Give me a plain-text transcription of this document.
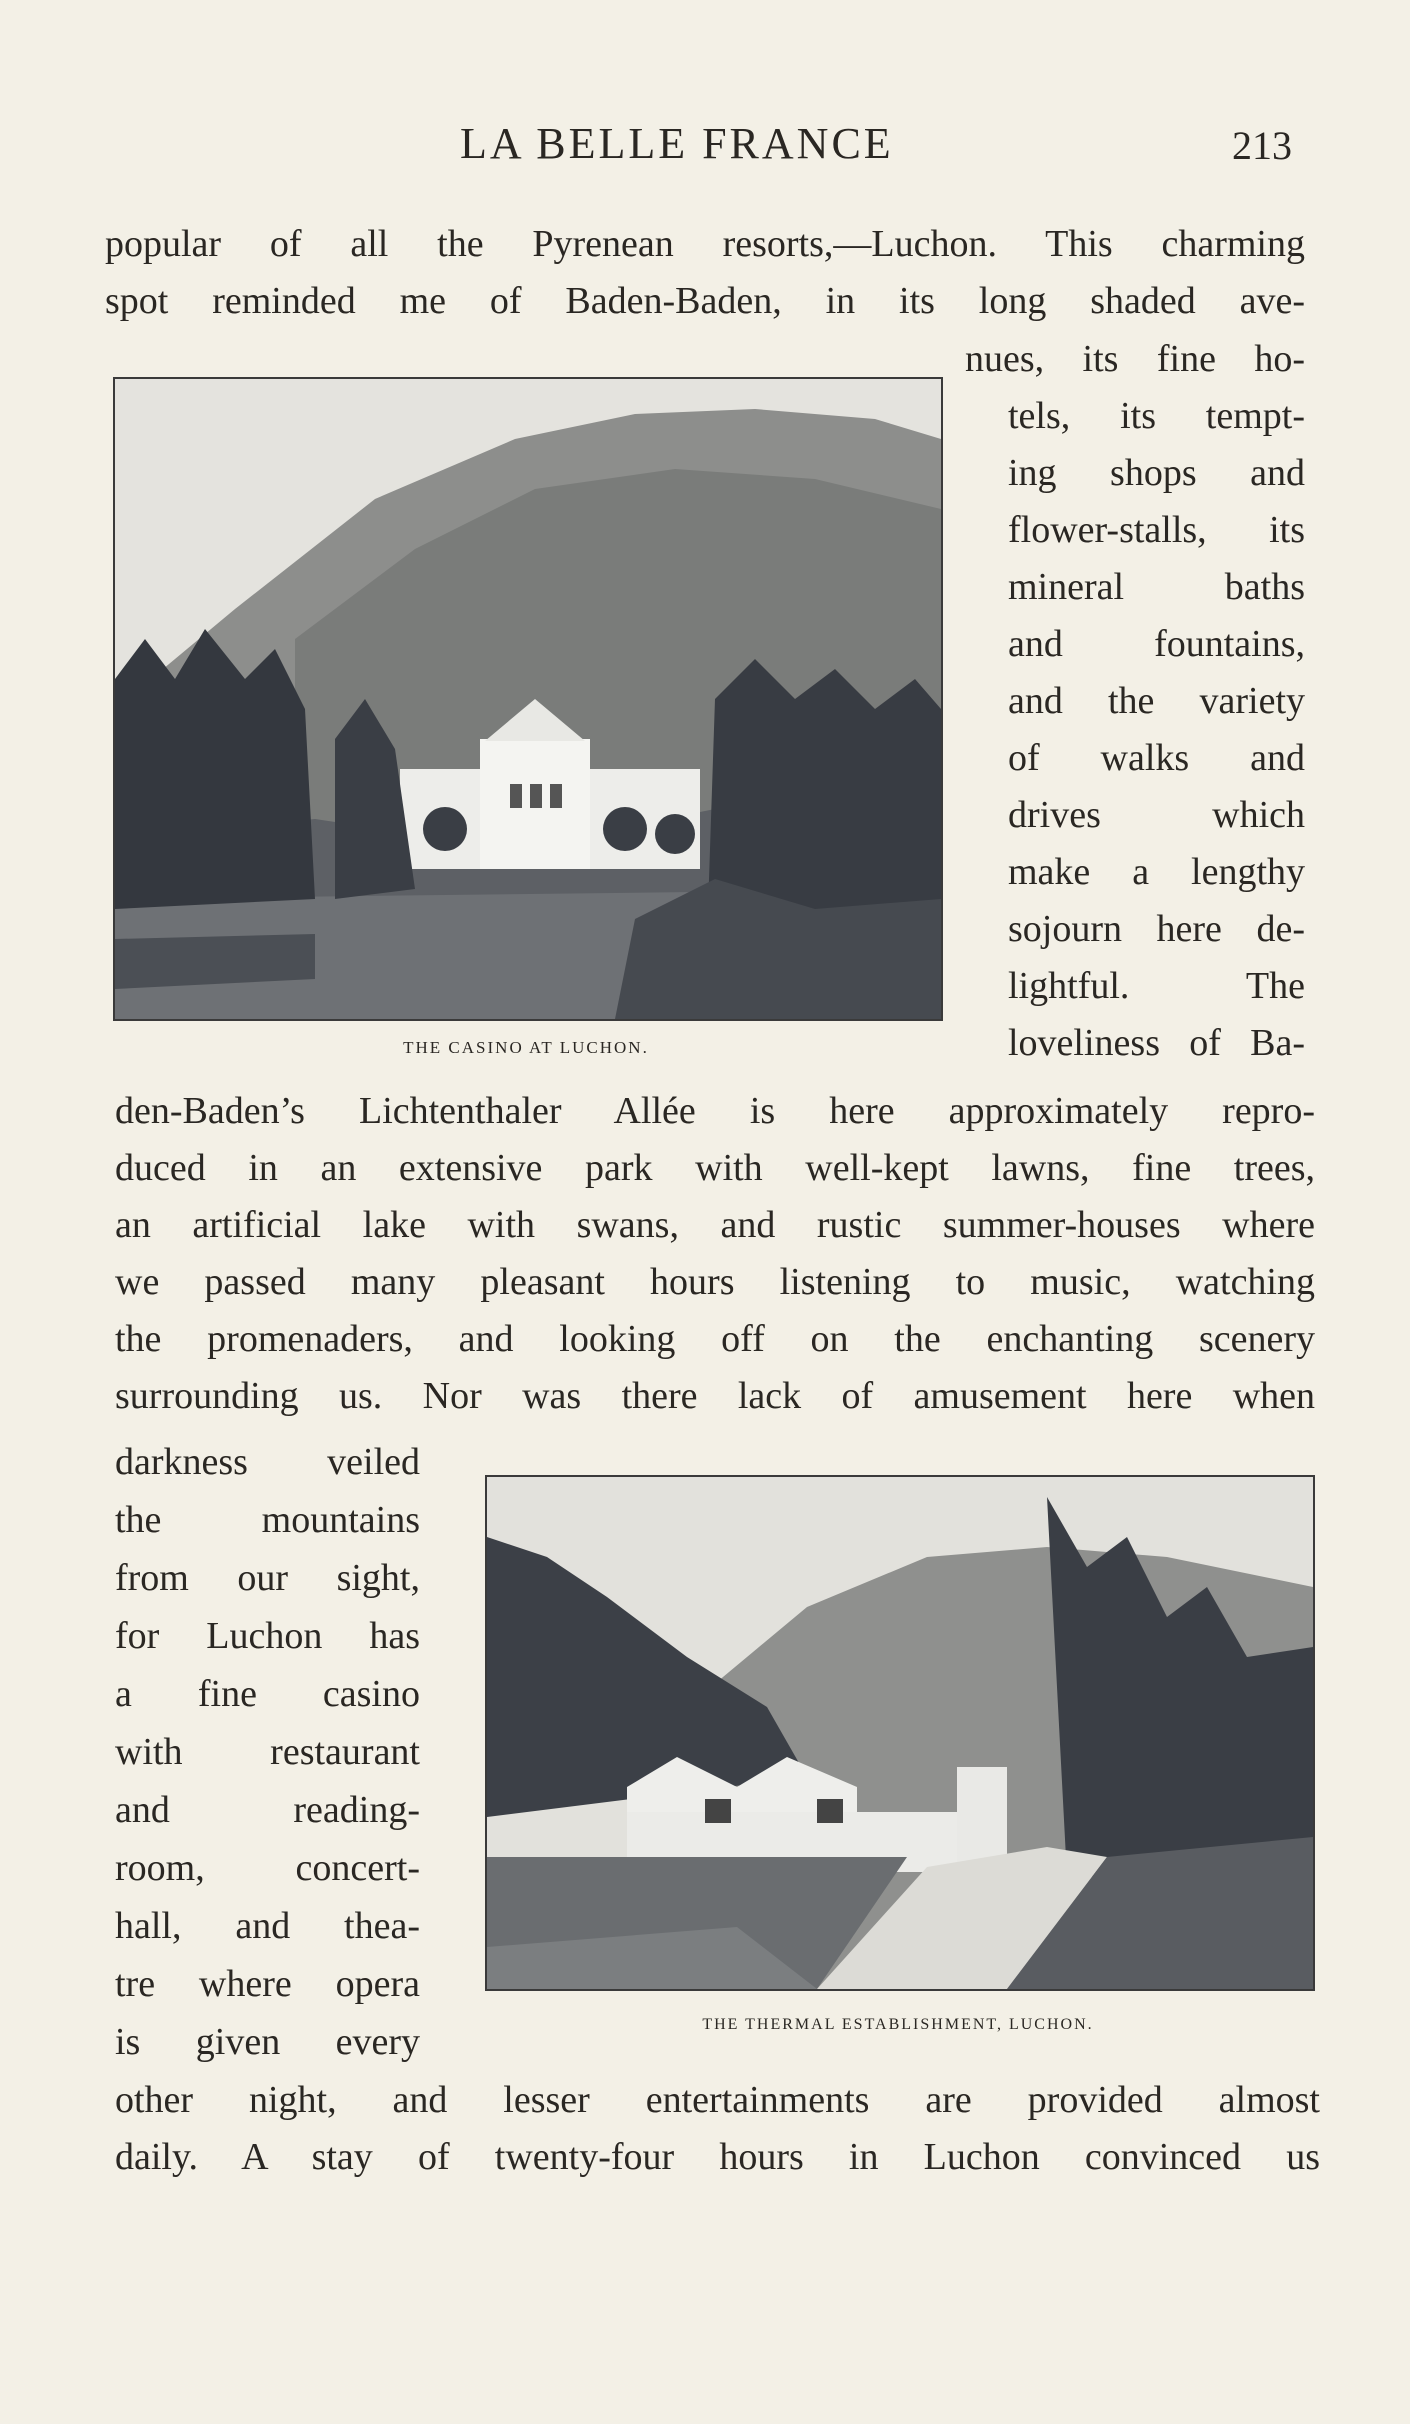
LA BELLE FRANCE	213
popular of all the Pyrenean resorts,—Luchon. This charming
spot reminded me of Baden-Baden, in its long shaded ave-
THE CASINO AT LUCHON.
nues, its fine ho-
tels, its tempt-
ing shops and
flower-stalls, its
mineral baths
and fountains,
and the variety
of walks and
drives which
make a lengthy
sojourn here de-
lightful. The
loveliness of Ba-
den-Baden’s Lichtenthaler Allée is here approximately repro-
duced in an extensive park with well-kept lawns, fine trees,
an artificial lake with swans, and rustic summer-houses where
we passed many pleasant hours listening to music, watching
the promenaders, and looking off on the enchanting scenery
surrounding us. Nor was there lack of amusement here when
darkness veiled
the mountains
from our sight,
for Luchon has
a fine casino
with restaurant
and reading-
room, concert-
hall, and thea-
tre where opera
is given every	THE THERMAL ESTABLISHMENT, LUCHON.
other night, and lesser entertainments are provided almost
daily. A stay of twenty-four hours in Luchon convinced us
